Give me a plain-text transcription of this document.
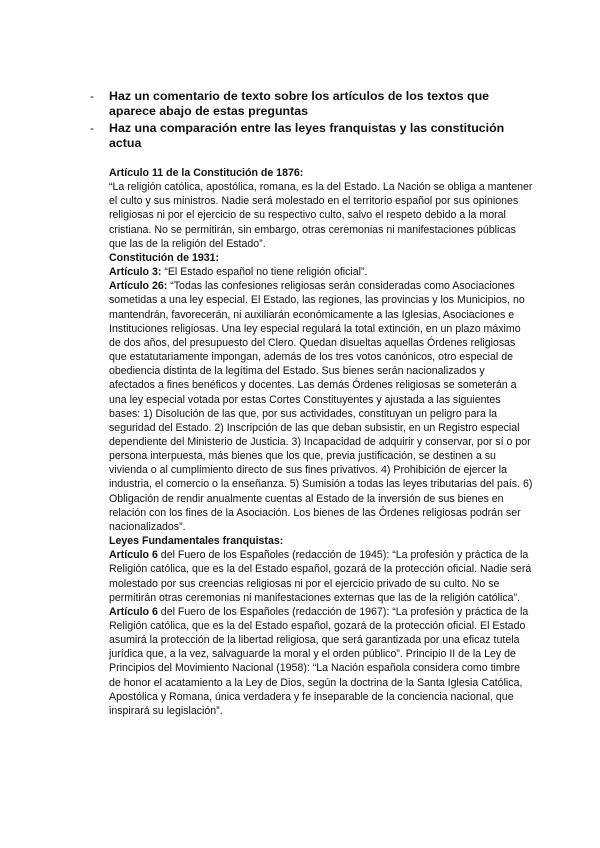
-	Haz un comentario de texto sobre los artículos de los textos que aparece abajo de estas preguntas
-	Haz una comparación entre las leyes franquistas y las constitución actua

Artículo 11 de la Constitución de 1876:

“La religión católica, apostólica, romana, es la del Estado. La Nación se obliga a mantener el culto y sus ministros. Nadie será molestado en el territorio español por sus opiniones religiosas ni por el ejercicio de su respectivo culto, salvo el respeto debido a la moral cristiana. No se permitirán, sin embargo, otras ceremonias ni manifestaciones públicas que las de la religión del Estado”.

Constitución de 1931:

Artículo 3: “El Estado español no tiene religión oficial”.

Artículo 26: “Todas las confesiones religiosas serán consideradas como Asociaciones sometidas a una ley especial. El Estado, las regiones, las provincias y los Municipios, no mantendrán, favorecerán, ni auxiliarán económicamente a las Iglesias, Asociaciones e Instituciones religiosas. Una ley especial regulará la total extinción, en un plazo máximo de dos años, del presupuesto del Clero. Quedan disueltas aquellas Órdenes religiosas que estatutariamente impongan, además de los tres votos canónicos, otro especial de obediencia distinta de la legítima del Estado. Sus bienes serán nacionalizados y afectados a fines benéficos y docentes. Las demás Órdenes religiosas se someterán a una ley especial votada por estas Cortes Constituyentes y ajustada a las siguientes bases: 1) Disolución de las que, por sus actividades, constituyan un peligro para la seguridad del Estado. 2) Inscripción de las que deban subsistir, en un Registro especial dependiente del Ministerio de Justicia. 3) Incapacidad de adquirir y conservar, por sí o por persona interpuesta, más bienes que los que, previa justificación, se destinen a su vivienda o al cumplimiento directo de sus fines privativos. 4) Prohibición de ejercer la industria, el comercio o la enseñanza. 5) Sumisión a todas las leyes tributarias del país. 6) Obligación de rendir anualmente cuentas al Estado de la inversión de sus bienes en relación con los fines de la Asociación. Los bienes de las Órdenes religiosas podrán ser nacionalizados”.

Leyes Fundamentales franquistas:

Artículo 6 del Fuero de los Españoles (redacción de 1945): “La profesión y práctica de la Religión católica, que es la del Estado español, gozará de la protección oficial. Nadie será molestado por sus creencias religiosas ni por el ejercicio privado de su culto. No se permitirán otras ceremonias ni manifestaciones externas que las de la religión católica”.

Artículo 6 del Fuero de los Españoles (redacción de 1967): “La profesión y práctica de la Religión católica, que es la del Estado español, gozará de la protección oficial. El Estado asumirá la protección de la libertad religiosa, que será garantizada por una eficaz tutela jurídica que, a la vez, salvaguarde la moral y el orden público”. Principio II de la Ley de Principios del Movimiento Nacional (1958): “La Nación española considera como timbre de honor el acatamiento a la Ley de Dios, según la doctrina de la Santa Iglesia Católica, Apostólica y Romana, única verdadera y fe inseparable de la conciencia nacional, que inspirará su legislación”.
